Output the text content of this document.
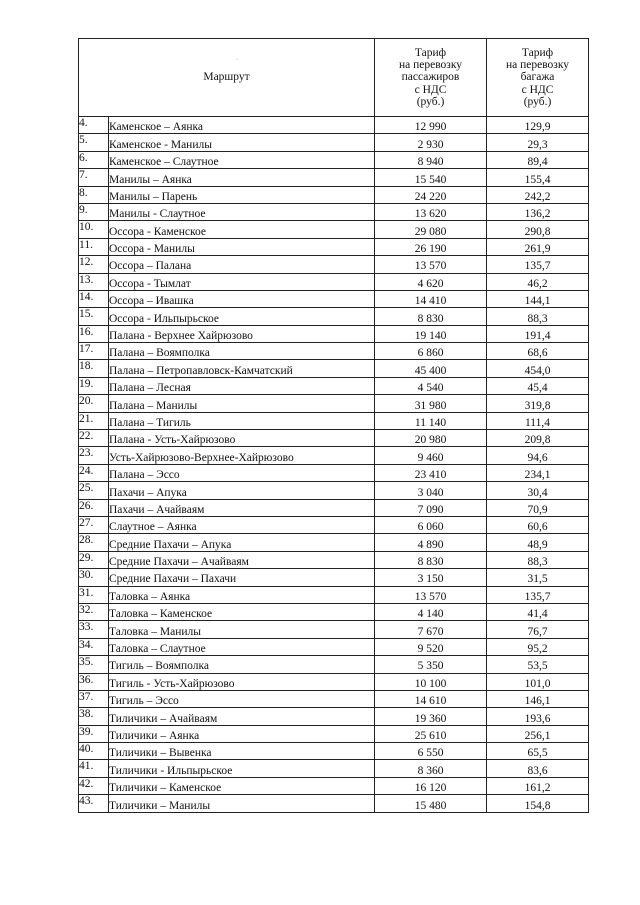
Маршрут		Тариф
на перевозку
пассажиров
с НДС
(руб.)	Тариф
на перевозку
багажа
с НДС
(руб.)

4.	Каменское – Аянка	12 990	129,9
5.	Каменское - Манилы	2 930	29,3
6.	Каменское – Слаутное	8 940	89,4
7.	Манилы – Аянка	15 540	155,4
8.	Манилы – Парень	24 220	242,2
9.	Манилы - Слаутное	13 620	136,2
10.	Оссора - Каменское	29 080	290,8
11.	Оссора - Манилы	26 190	261,9
12.	Оссора – Палана	13 570	135,7
13.	Оссора - Тымлат	4 620	46,2
14.	Оссора – Ивашка	14 410	144,1
15.	Оссора - Ильпырьское	8 830	88,3
16.	Палана - Верхнее Хайрюзово	19 140	191,4
17.	Палана – Воямполка	6 860	68,6
18.	Палана – Петропавловск-Камчатский	45 400	454,0
19.	Палана – Лесная	4 540	45,4
20.	Палана – Манилы	31 980	319,8
21.	Палана – Тигиль	11 140	111,4
22.	Палана - Усть-Хайрюзово	20 980	209,8
23.	Усть-Хайрюзово-Верхнее-Хайрюзово	9 460	94,6
24.	Палана – Эссо	23 410	234,1
25.	Пахачи – Апука	3 040	30,4
26.	Пахачи – Ачайваям	7 090	70,9
27.	Слаутное – Аянка	6 060	60,6
28.	Средние Пахачи – Апука	4 890	48,9
29.	Средние Пахачи – Ачайваям	8 830	88,3
30.	Средние Пахачи – Пахачи	3 150	31,5
31.	Таловка – Аянка	13 570	135,7
32.	Таловка – Каменское	4 140	41,4
33.	Таловка – Манилы	7 670	76,7
34.	Таловка – Слаутное	9 520	95,2
35.	Тигиль – Воямполка	5 350	53,5
36.	Тигиль - Усть-Хайрюзово	10 100	101,0
37.	Тигиль – Эссо	14 610	146,1
38.	Тиличики – Ачайваям	19 360	193,6
39.	Тиличики – Аянка	25 610	256,1
40.	Тиличики – Вывенка	6 550	65,5
41.	Тиличики - Ильпырьское	8 360	83,6
42.	Тиличики – Каменское	16 120	161,2
43.	Тиличики – Манилы	15 480	154,8
·
